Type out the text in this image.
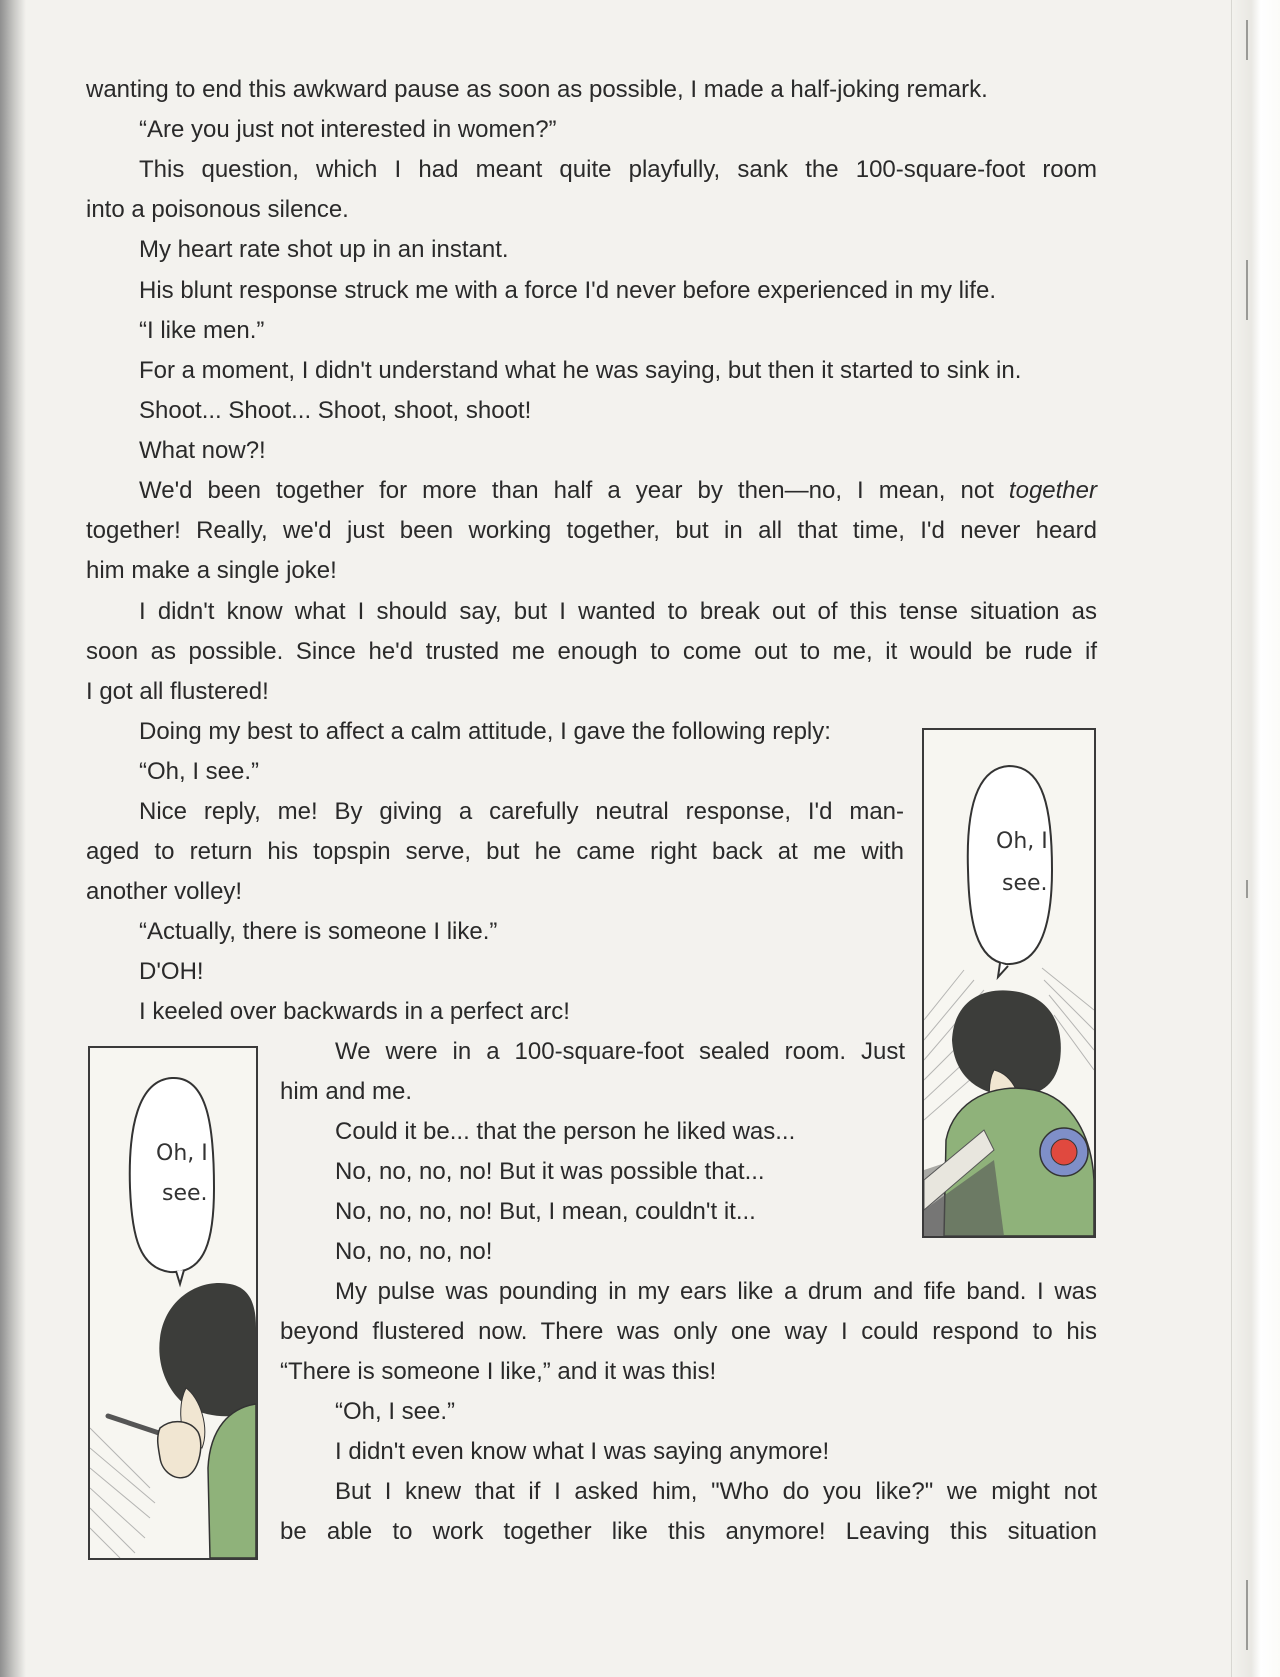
wanting to end this awkward pause as soon as possible, I made a half-joking remark.

“Are you just not interested in women?”

This question, which I had meant quite playfully, sank the 100-square-foot room

into a poisonous silence.

My heart rate shot up in an instant.

His blunt response struck me with a force I'd never before experienced in my life.

“I like men.”

For a moment, I didn't understand what he was saying, but then it started to sink in.

Shoot... Shoot... Shoot, shoot, shoot!

What now?!

We'd been together for more than half a year by then—no, I mean, not together

together! Really, we'd just been working together, but in all that time, I'd never heard

him make a single joke!

I didn't know what I should say, but I wanted to break out of this tense situation as

soon as possible. Since he'd trusted me enough to come out to me, it would be rude if

I got all flustered!

Doing my best to affect a calm attitude, I gave the following reply:

“Oh, I see.”

Nice reply, me! By giving a carefully neutral response, I'd man-

aged to return his topspin serve, but he came right back at me with

another volley!

“Actually, there is someone I like.”

D'OH!

I keeled over backwards in a perfect arc!

We were in a 100-square-foot sealed room. Just

him and me.

Could it be... that the person he liked was...

No, no, no, no! But it was possible that...

No, no, no, no! But, I mean, couldn't it...

No, no, no, no!

My pulse was pounding in my ears like a drum and fife band. I was

beyond flustered now. There was only one way I could respond to his

“There is someone I like,” and it was this!

“Oh, I see.”

I didn't even know what I was saying anymore!

But I knew that if I asked him, "Who do you like?" we might not

be able to work together like this anymore! Leaving this situation

Oh, I
see.
Oh, I
see.
